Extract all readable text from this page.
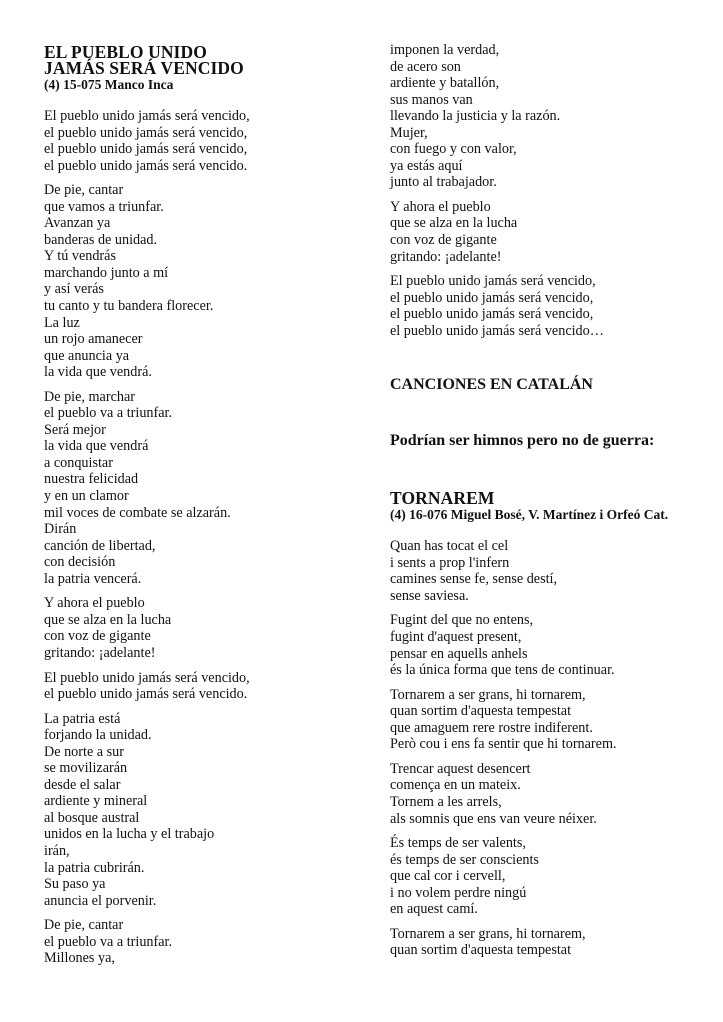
EL PUEBLO UNIDO
JAMÁS SERÁ VENCIDO
(4) 15-075 Manco Inca
El pueblo unido jamás será vencido,
el pueblo unido jamás será vencido,
el pueblo unido jamás será vencido,
el pueblo unido jamás será vencido.
De pie, cantar
que vamos a triunfar.
Avanzan ya
banderas de unidad.
Y tú vendrás
marchando junto a mí
y así verás
tu canto y tu bandera florecer.
La luz
un rojo amanecer
que anuncia ya
la vida que vendrá.
De pie, marchar
el pueblo va a triunfar.
Será mejor
la vida que vendrá
a conquistar
nuestra felicidad
y en un clamor
mil voces de combate se alzarán.
Dirán
canción de libertad,
con decisión
la patria vencerá.
Y ahora el pueblo
que se alza en la lucha
con voz de gigante
gritando: ¡adelante!
El pueblo unido jamás será vencido,
el pueblo unido jamás será vencido.
La patria está
forjando la unidad.
De norte a sur
se movilizarán
desde el salar
ardiente y mineral
al bosque austral
unidos en la lucha y el trabajo
irán,
la patria cubrirán.
Su paso ya
anuncia el porvenir.
De pie, cantar
el pueblo va a triunfar.
Millones ya,
imponen la verdad,
de acero son
ardiente y batallón,
sus manos van
llevando la justicia y la razón.
Mujer,
con fuego y con valor,
ya estás aquí
junto al trabajador.
Y ahora el pueblo
que se alza en la lucha
con voz de gigante
gritando: ¡adelante!
El pueblo unido jamás será vencido,
el pueblo unido jamás será vencido,
el pueblo unido jamás será vencido,
el pueblo unido jamás será vencido…
CANCIONES EN CATALÁN
Podrían ser himnos pero no de guerra:
TORNAREM
(4) 16-076 Miguel Bosé, V. Martínez i Orfeó Cat.
Quan has tocat el cel
i sents a prop l'infern
camines sense fe, sense destí,
sense saviesa.
Fugint del que no entens,
fugint d'aquest present,
pensar en aquells anhels
és la única forma que tens de continuar.
Tornarem a ser grans, hi tornarem,
quan sortim d'aquesta tempestat
que amaguem rere rostre indiferent.
Però cou i ens fa sentir que hi tornarem.
Trencar aquest desencert
comença en un mateix.
Tornem a les arrels,
als somnis que ens van veure néixer.
És temps de ser valents,
és temps de ser conscients
que cal cor i cervell,
i no volem perdre ningú
en aquest camí.
Tornarem a ser grans, hi tornarem,
quan sortim d'aquesta tempestat
